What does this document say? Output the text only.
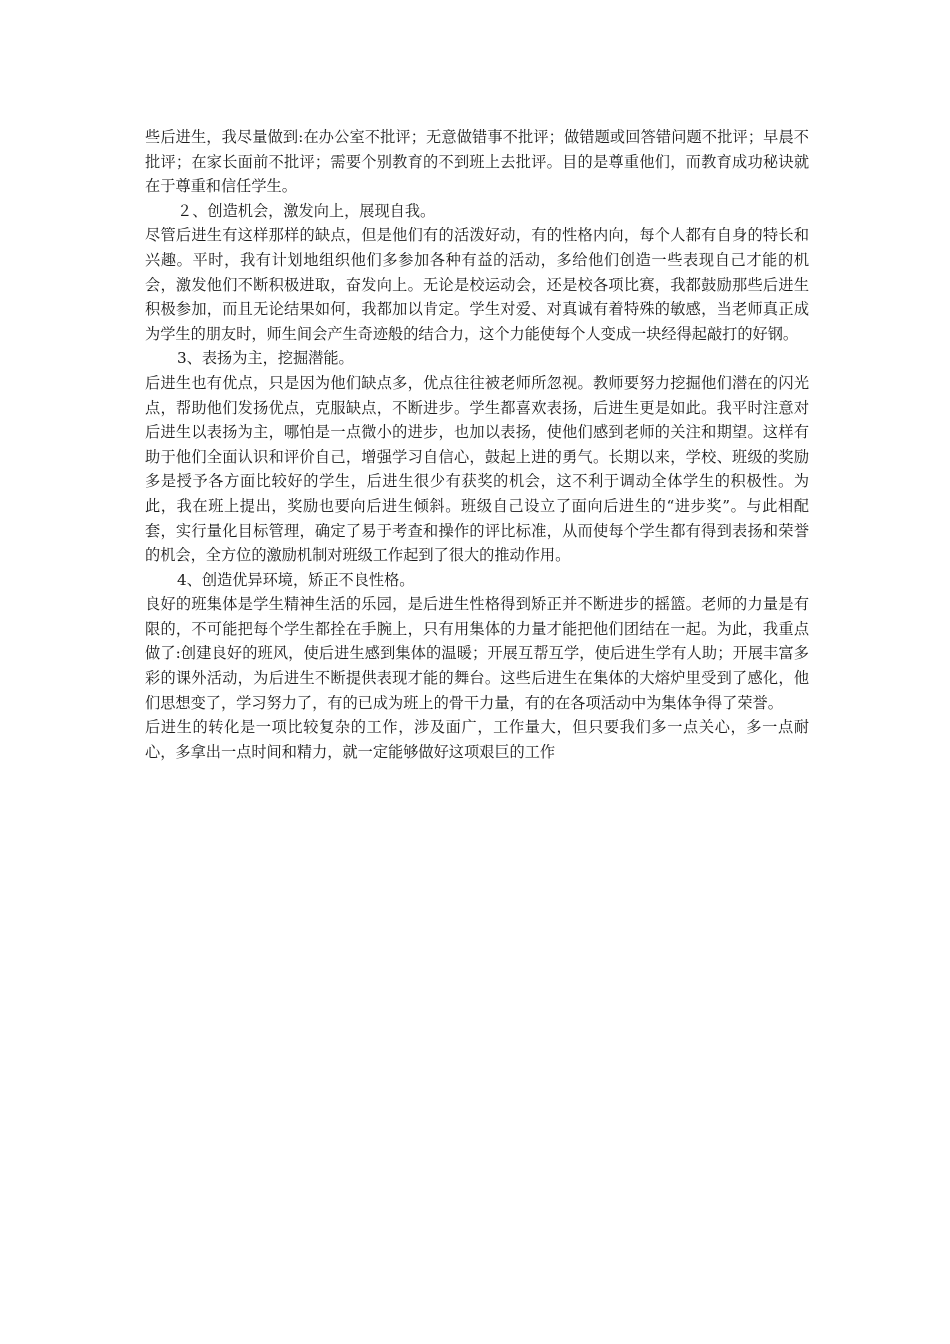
些后进生，我尽量做到:在办公室不批评；无意做错事不批评；做错题或回答错问题不批评；早晨不批评；在家长面前不批评；需要个别教育的不到班上去批评。目的是尊重他们，而教育成功秘诀就在于尊重和信任学生。

２、创造机会，激发向上，展现自我。

尽管后进生有这样那样的缺点，但是他们有的活泼好动，有的性格内向，每个人都有自身的特长和兴趣。平时，我有计划地组织他们多参加各种有益的活动，多给他们创造一些表现自己才能的机会，激发他们不断积极进取，奋发向上。无论是校运动会，还是校各项比赛，我都鼓励那些后进生积极参加，而且无论结果如何，我都加以肯定。学生对爱、对真诚有着特殊的敏感，当老师真正成为学生的朋友时，师生间会产生奇迹般的结合力，这个力能使每个人变成一块经得起敲打的好钢。

3、表扬为主，挖掘潜能。

后进生也有优点，只是因为他们缺点多，优点往往被老师所忽视。教师要努力挖掘他们潜在的闪光点，帮助他们发扬优点，克服缺点，不断进步。学生都喜欢表扬，后进生更是如此。我平时注意对后进生以表扬为主，哪怕是一点微小的进步，也加以表扬，使他们感到老师的关注和期望。这样有助于他们全面认识和评价自己，增强学习自信心，鼓起上进的勇气。长期以来，学校、班级的奖励多是授予各方面比较好的学生，后进生很少有获奖的机会，这不利于调动全体学生的积极性。为此，我在班上提出，奖励也要向后进生倾斜。班级自己设立了面向后进生的“进步奖”。与此相配套，实行量化目标管理，确定了易于考查和操作的评比标准，从而使每个学生都有得到表扬和荣誉的机会，全方位的激励机制对班级工作起到了很大的推动作用。

4、创造优异环境，矫正不良性格。

良好的班集体是学生精神生活的乐园，是后进生性格得到矫正并不断进步的摇篮。老师的力量是有限的，不可能把每个学生都拴在手腕上，只有用集体的力量才能把他们团结在一起。为此，我重点做了:创建良好的班风，使后进生感到集体的温暖；开展互帮互学，使后进生学有人助；开展丰富多彩的课外活动，为后进生不断提供表现才能的舞台。这些后进生在集体的大熔炉里受到了感化，他们思想变了，学习努力了，有的已成为班上的骨干力量，有的在各项活动中为集体争得了荣誉。

后进生的转化是一项比较复杂的工作，涉及面广，工作量大，但只要我们多一点关心，多一点耐心，多拿出一点时间和精力，就一定能够做好这项艰巨的工作
